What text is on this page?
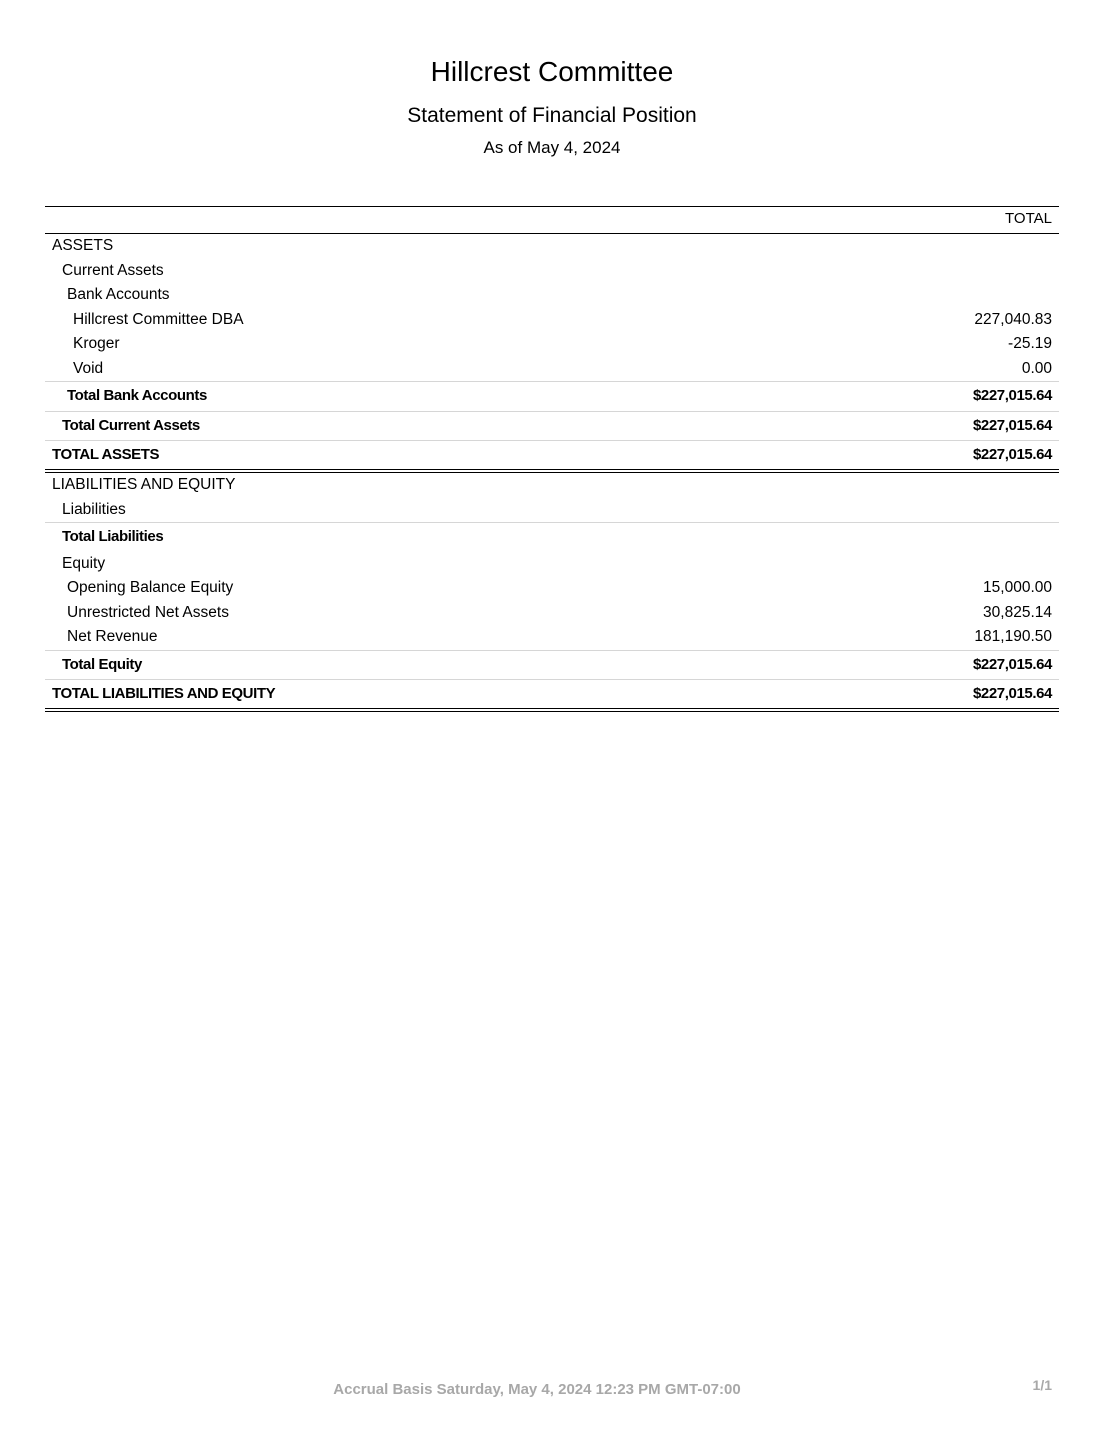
Hillcrest Committee
Statement of Financial Position
As of May 4, 2024
TOTAL
ASSETS
Current Assets
Bank Accounts
Hillcrest Committee DBA	227,040.83
Kroger	-25.19
Void	0.00
Total Bank Accounts	$227,015.64
Total Current Assets	$227,015.64
TOTAL ASSETS	$227,015.64
LIABILITIES AND EQUITY
Liabilities
Total Liabilities
Equity
Opening Balance Equity	15,000.00
Unrestricted Net Assets	30,825.14
Net Revenue	181,190.50
Total Equity	$227,015.64
TOTAL LIABILITIES AND EQUITY	$227,015.64
Accrual Basis Saturday, May 4, 2024 12:23 PM GMT-07:00	1/1
